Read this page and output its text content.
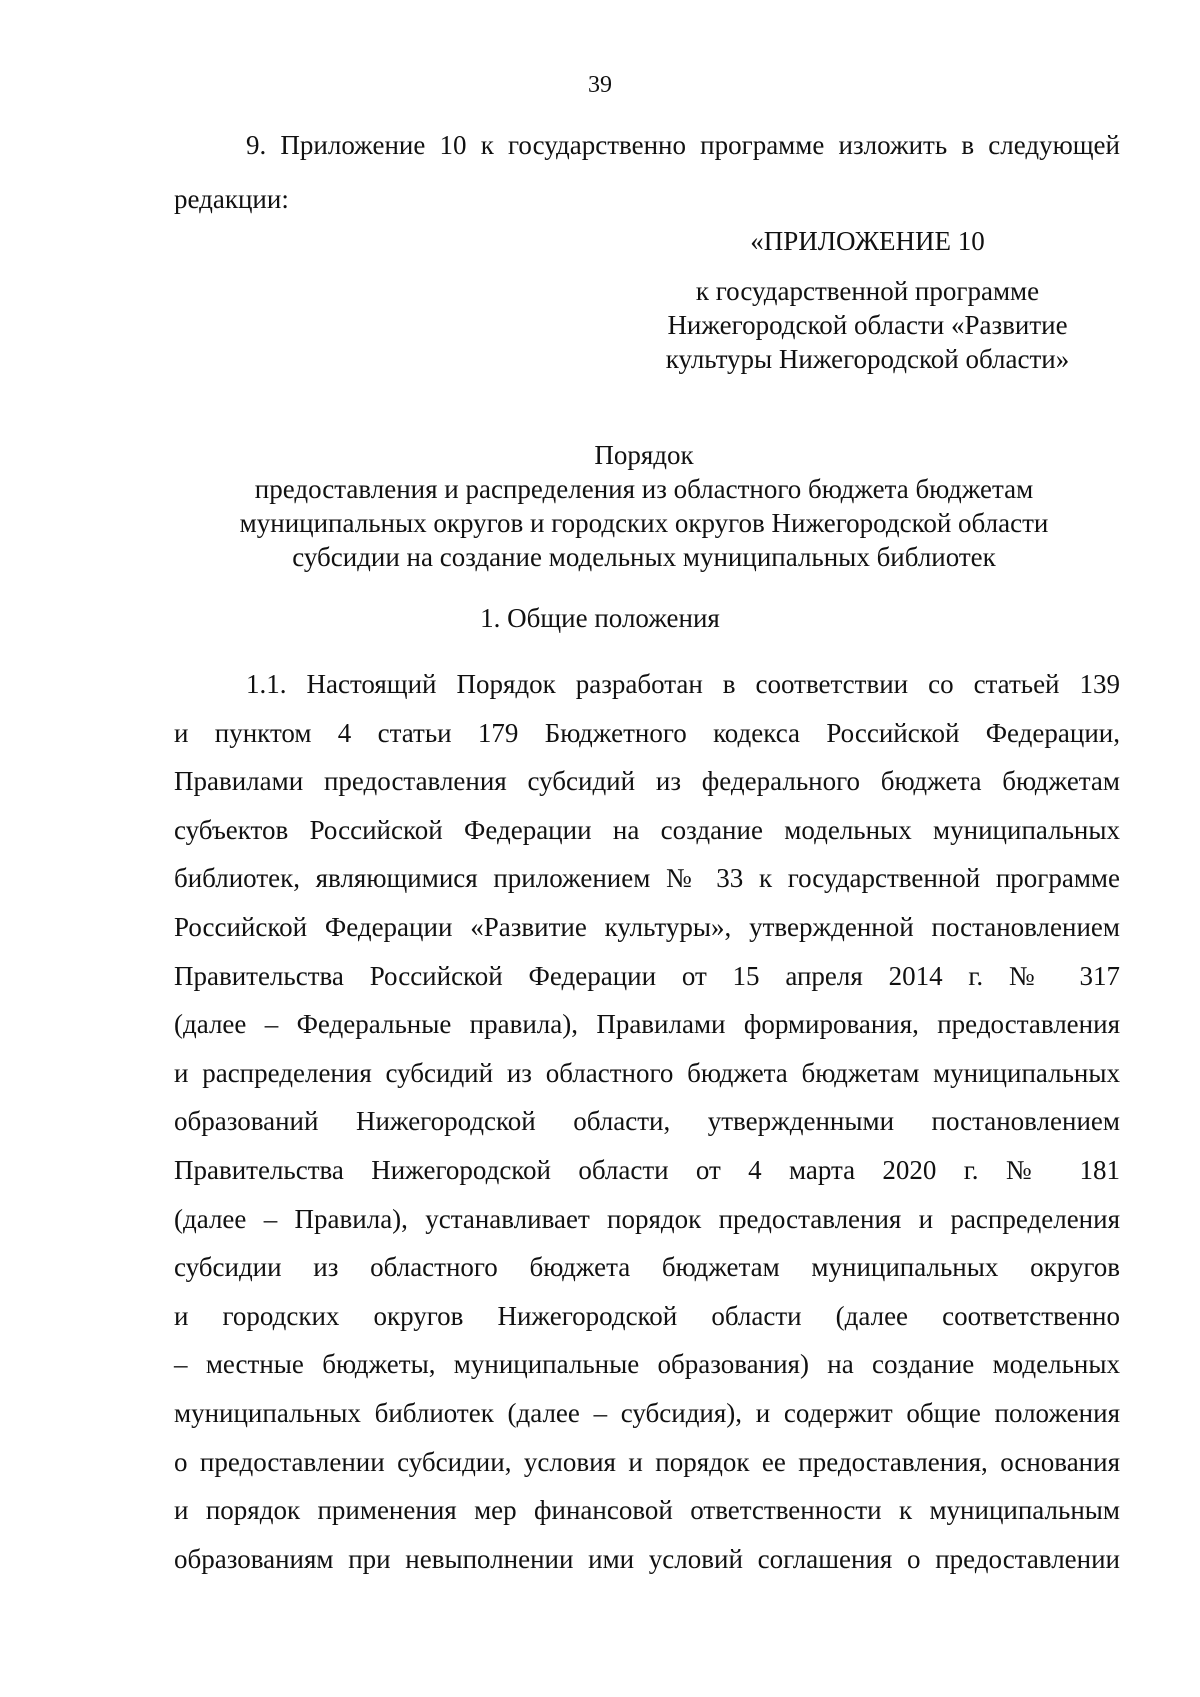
39

9. Приложение 10 к государственно программе изложить в следующей редакции:

«ПРИЛОЖЕНИЕ 10
к государственной программе
Нижегородской области «Развитие
культуры Нижегородской области»
Порядок
предоставления и распределения из областного бюджета бюджетам
муниципальных округов и городских округов Нижегородской области
субсидии на создание модельных муниципальных библиотек
1. Общие положения
1.1. Настоящий Порядок разработан в соответствии со статьей 139
и пунктом 4 статьи 179 Бюджетного кодекса Российской Федерации,
Правилами предоставления субсидий из федерального бюджета бюджетам
субъектов Российской Федерации на создание модельных муниципальных
библиотек, являющимися приложением № 33 к государственной программе
Российской Федерации «Развитие культуры», утвержденной постановлением
Правительства Российской Федерации от 15 апреля 2014 г. № 317
(далее – Федеральные правила), Правилами формирования, предоставления
и распределения субсидий из областного бюджета бюджетам муниципальных
образований Нижегородской области, утвержденными постановлением
Правительства Нижегородской области от 4 марта 2020 г. № 181
(далее – Правила), устанавливает порядок предоставления и распределения
субсидии из областного бюджета бюджетам муниципальных округов
и городских округов Нижегородской области (далее соответственно
– местные бюджеты, муниципальные образования) на создание модельных
муниципальных библиотек (далее – субсидия), и содержит общие положения
о предоставлении субсидии, условия и порядок ее предоставления, основания
и порядок применения мер финансовой ответственности к муниципальным
образованиям при невыполнении ими условий соглашения о предоставлении
